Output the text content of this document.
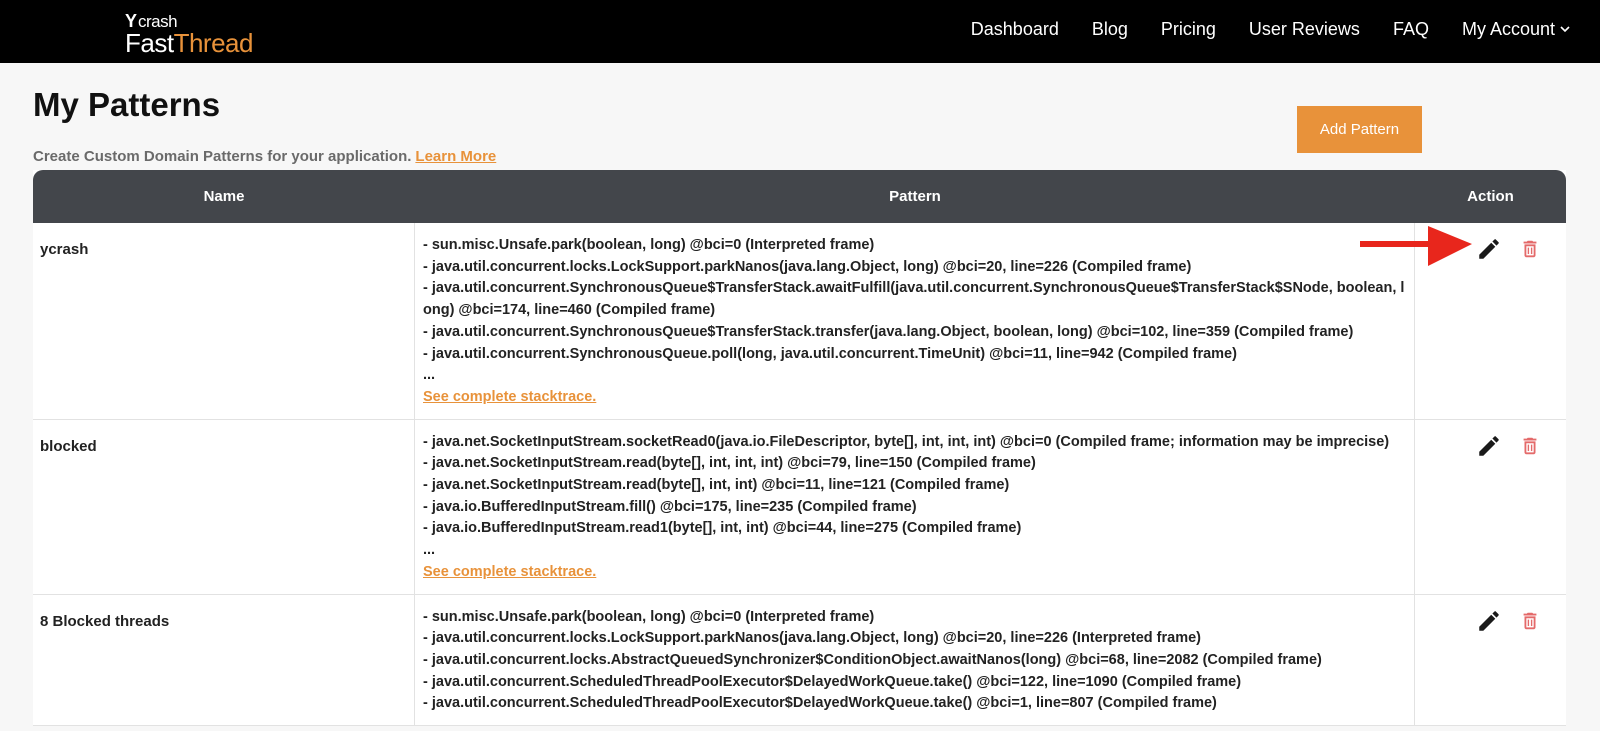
Y crash
FastThread	Dashboard Blog Pricing User Reviews FAQ My Account
My Patterns
Create Custom Domain Patterns for your application. Learn More
Add Pattern
Name	Pattern	Action
ycrash	- sun.misc.Unsafe.park(boolean, long) @bci=0 (Interpreted frame)
- java.util.concurrent.locks.LockSupport.parkNanos(java.lang.Object, long) @bci=20, line=226 (Compiled frame)
- java.util.concurrent.SynchronousQueue$TransferStack.awaitFulfill(java.util.concurrent.SynchronousQueue$TransferStack$SNode, boolean, long) @bci=174, line=460 (Compiled frame)
- java.util.concurrent.SynchronousQueue$TransferStack.transfer(java.lang.Object, boolean, long) @bci=102, line=359 (Compiled frame)
- java.util.concurrent.SynchronousQueue.poll(long, java.util.concurrent.TimeUnit) @bci=11, line=942 (Compiled frame)
...
See complete stacktrace.
blocked	- java.net.SocketInputStream.socketRead0(java.io.FileDescriptor, byte[], int, int, int) @bci=0 (Compiled frame; information may be imprecise)
- java.net.SocketInputStream.read(byte[], int, int, int) @bci=79, line=150 (Compiled frame)
- java.net.SocketInputStream.read(byte[], int, int) @bci=11, line=121 (Compiled frame)
- java.io.BufferedInputStream.fill() @bci=175, line=235 (Compiled frame)
- java.io.BufferedInputStream.read1(byte[], int, int) @bci=44, line=275 (Compiled frame)
...
See complete stacktrace.
8 Blocked threads	- sun.misc.Unsafe.park(boolean, long) @bci=0 (Interpreted frame)
- java.util.concurrent.locks.LockSupport.parkNanos(java.lang.Object, long) @bci=20, line=226 (Interpreted frame)
- java.util.concurrent.locks.AbstractQueuedSynchronizer$ConditionObject.awaitNanos(long) @bci=68, line=2082 (Compiled frame)
- java.util.concurrent.ScheduledThreadPoolExecutor$DelayedWorkQueue.take() @bci=122, line=1090 (Compiled frame)
- java.util.concurrent.ScheduledThreadPoolExecutor$DelayedWorkQueue.take() @bci=1, line=807 (Compiled frame)
